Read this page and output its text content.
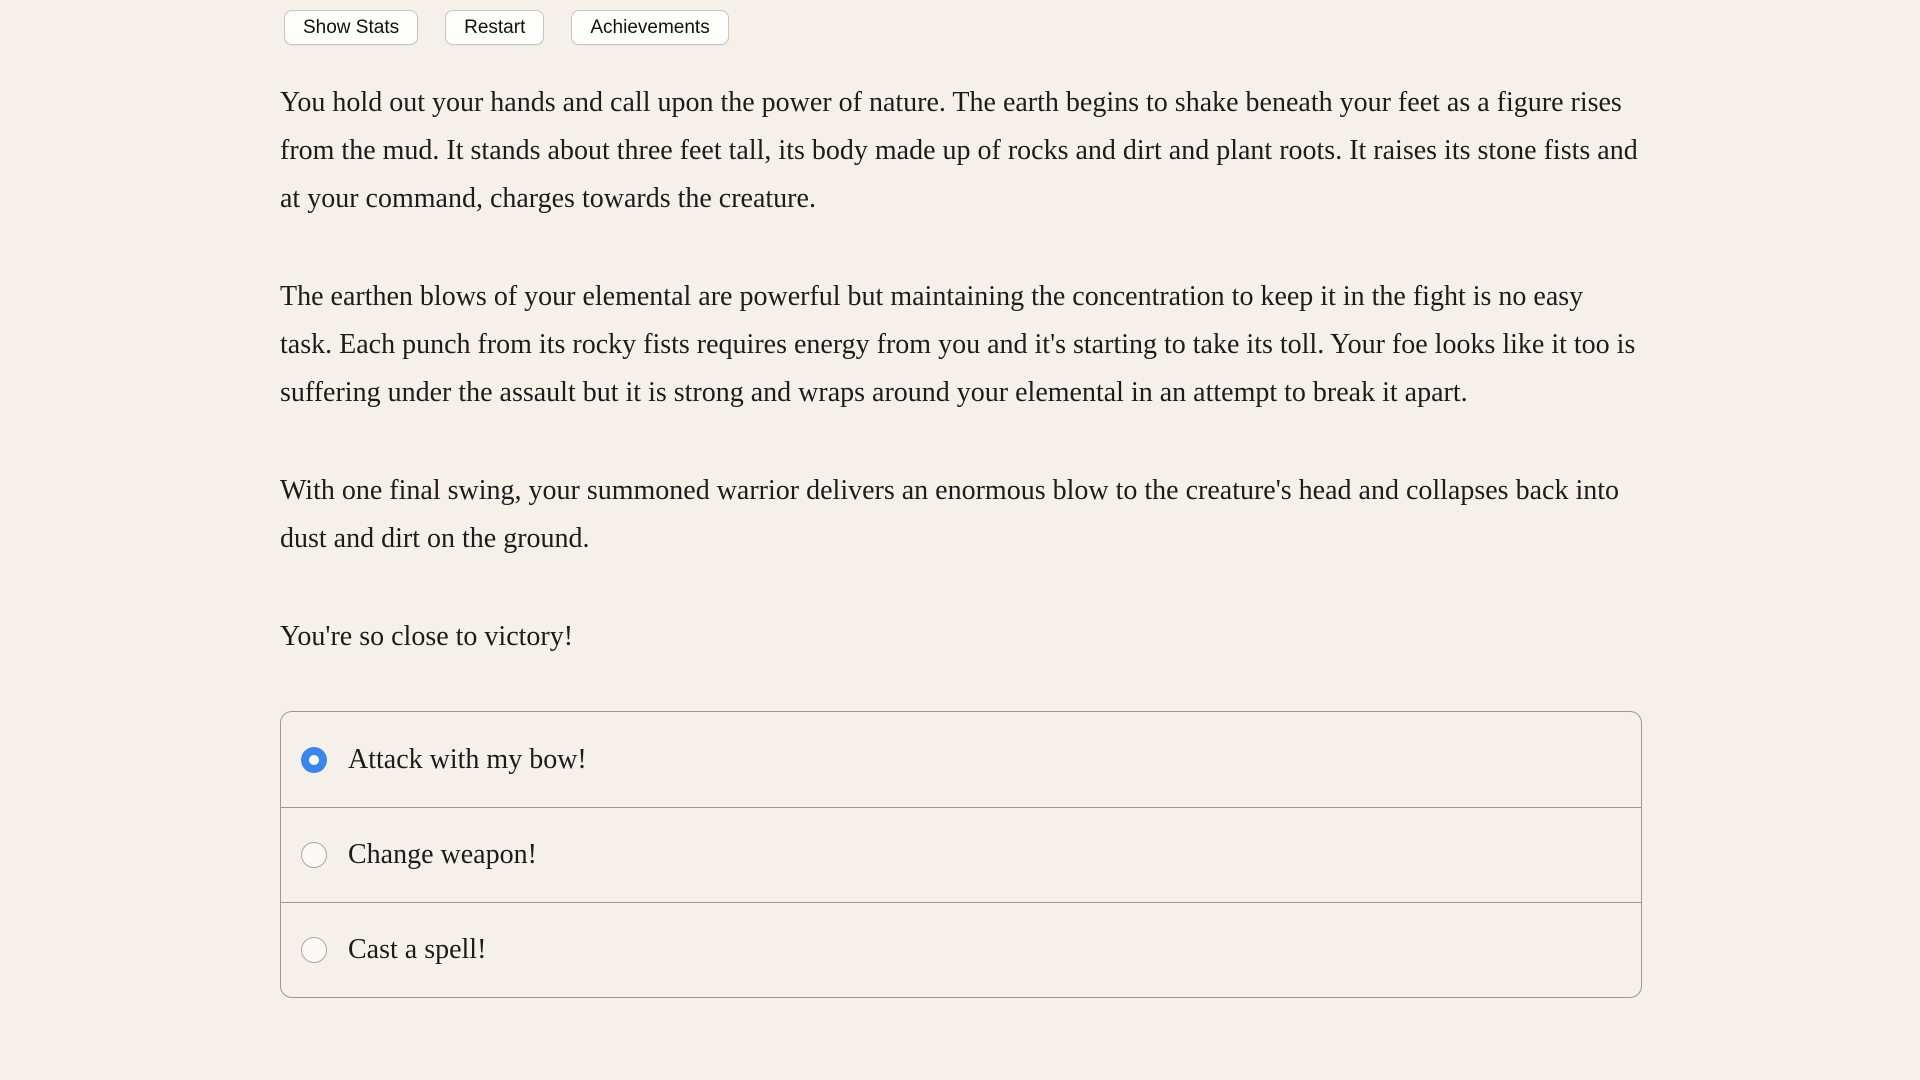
Show Stats	Restart	Achievements

You hold out your hands and call upon the power of nature. The earth begins to shake beneath your feet as a figure rises from the mud. It stands about three feet tall, its body made up of rocks and dirt and plant roots. It raises its stone fists and at your command, charges towards the creature.

The earthen blows of your elemental are powerful but maintaining the concentration to keep it in the fight is no easy task. Each punch from its rocky fists requires energy from you and it's starting to take its toll. Your foe looks like it too is suffering under the assault but it is strong and wraps around your elemental in an attempt to break it apart.

With one final swing, your summoned warrior delivers an enormous blow to the creature's head and collapses back into dust and dirt on the ground.

You're so close to victory!

Attack with my bow!
Change weapon!
Cast a spell!
